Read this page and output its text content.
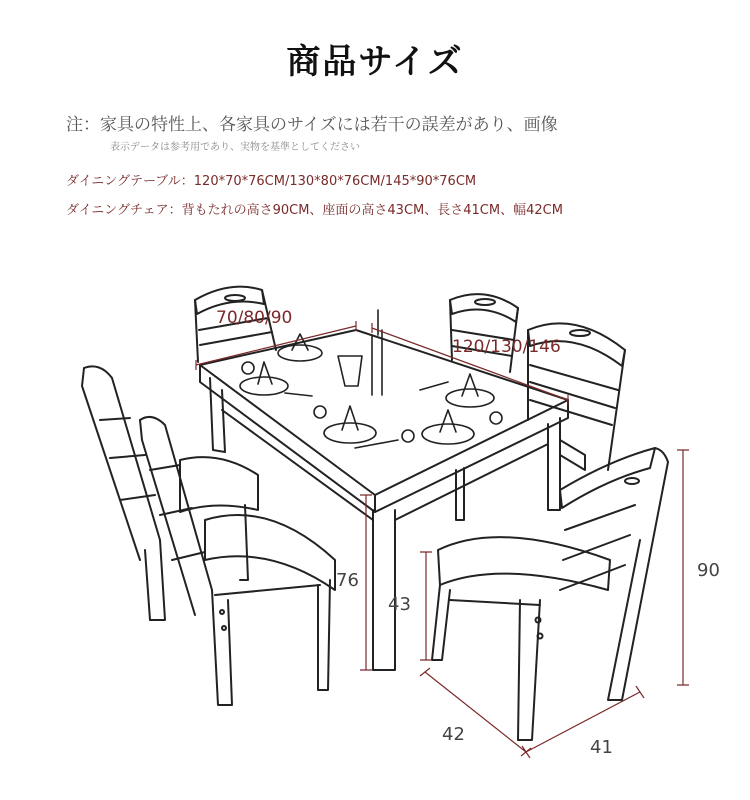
商品サイズ
注：家具の特性上、各家具のサイズには若干の誤差があり、画像
表示データは参考用であり、実物を基準としてください
ダイニングテーブル：120*70*76CM/130*80*76CM/145*90*76CM
ダイニングチェア：背もたれの高さ90CM、座面の高さ43CM、長さ41CM、幅42CM
70/80/90
120/130/146
76
43
90
42
41
